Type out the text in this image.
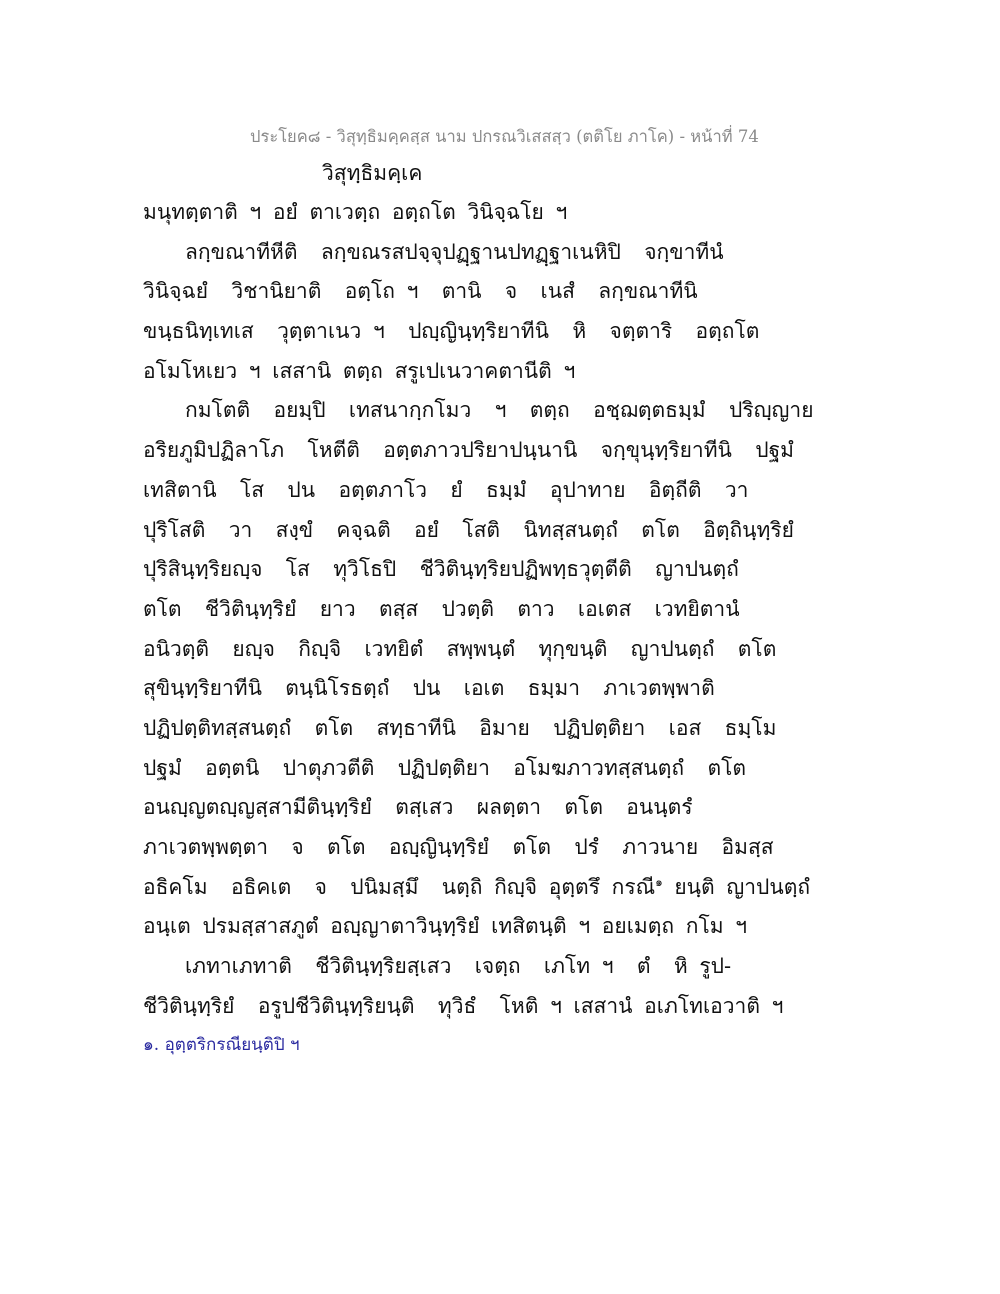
ประโยค๘ - วิสุทฺธิมคฺคสฺส นาม ปกรณวิเสสสฺว (ตติโย ภาโค) - หน้าที่ 74
วิสุทฺธิมคฺเค
มนุทตฺตาติ ฯ อยํ ตาเวตฺถ อตฺถโต วินิจฺฉโย ฯ
ลกฺขณาทีหีติ  ลกฺขณรสปจฺจุปฏฺฐานปทฏฺฐาเนหิปิ  จกฺขาทีนํ
วินิจฺฉยํ  วิชานิยาติ  อตฺโถ ฯ  ตานิ  จ  เนสํ  ลกฺขณาทีนิ
ขนฺธนิทฺเทเส  วุตฺตาเนว ฯ  ปญฺญินฺทฺริยาทีนิ  หิ  จตฺตาริ  อตฺถโต
อโมโหเยว ฯ เสสานิ ตตฺถ สรูเปเนวาคตานีติ ฯ
กมโตติ  อยมฺปิ  เทสนากฺกโมว  ฯ  ตตฺถ  อชฺฌตฺตธมฺมํ  ปริญฺญาย
อริยภูมิปฏิลาโภ  โหตีติ  อตฺตภาวปริยาปนฺนานิ  จกฺขุนฺทฺริยาทีนิ  ปฐมํ
เทสิตานิ  โส  ปน  อตฺตภาโว  ยํ  ธมฺมํ  อุปาทาย  อิตฺถีติ  วา
ปุริโสติ  วา  สงฺขํ  คจฺฉติ  อยํ  โสติ  นิทสฺสนตฺถํ  ตโต  อิตฺถินฺทฺริยํ
ปุริสินฺทฺริยญฺจ  โส  ทุวิโธปิ  ชีวิตินฺทฺริยปฏิพทฺธวุตฺตีติ  ญาปนตฺถํ
ตโต  ชีวิตินฺทฺริยํ  ยาว  ตสฺส  ปวตฺติ  ตาว  เอเตส  เวทยิตานํ
อนิวตฺติ  ยญฺจ  กิญฺจิ  เวทยิตํ  สพฺพนฺตํ  ทุกฺขนฺติ  ญาปนตฺถํ  ตโต
สุขินฺทฺริยาทีนิ  ตนฺนิโรธตฺถํ  ปน  เอเต  ธมฺมา  ภาเวตพฺพาติ
ปฏิปตฺติทสฺสนตฺถํ  ตโต  สทฺธาทีนิ  อิมาย  ปฏิปตฺติยา  เอส  ธมฺโม
ปฐมํ  อตฺตนิ  ปาตุภวตีติ  ปฏิปตฺติยา  อโมฆภาวทสฺสนตฺถํ  ตโต
อนญฺญตญฺญสฺสามีตินฺทฺริยํ  ตสฺเสว  ผลตฺตา  ตโต  อนนฺตรํ
ภาเวตพฺพตฺตา  จ  ตโต  อญฺญินฺทฺริยํ  ตโต  ปรํ  ภาวนาย  อิมสฺส
อธิคโม  อธิคเต  จ  ปนิมสฺมึ  นตฺถิ กิญฺจิ อุตฺตรึ กรณี$^๑$ ยนฺติ ญาปนตฺถํ
อนฺเต ปรมสฺสาสภูตํ อญฺญาตาวินฺทฺริยํ เทสิตนฺติ ฯ อยเมตฺถ กโม ฯ
เภทาเภทาติ  ชีวิตินฺทฺริยสฺเสว  เจตฺถ  เภโท ฯ  ตํ  หิ รูป-
ชีวิตินฺทฺริยํ  อรูปชีวิตินฺทฺริยนฺติ  ทุวิธํ  โหติ ฯ เสสานํ อเภโทเอวาติ ฯ
๑. อุตฺตริกรณียนฺติปิ ฯ
